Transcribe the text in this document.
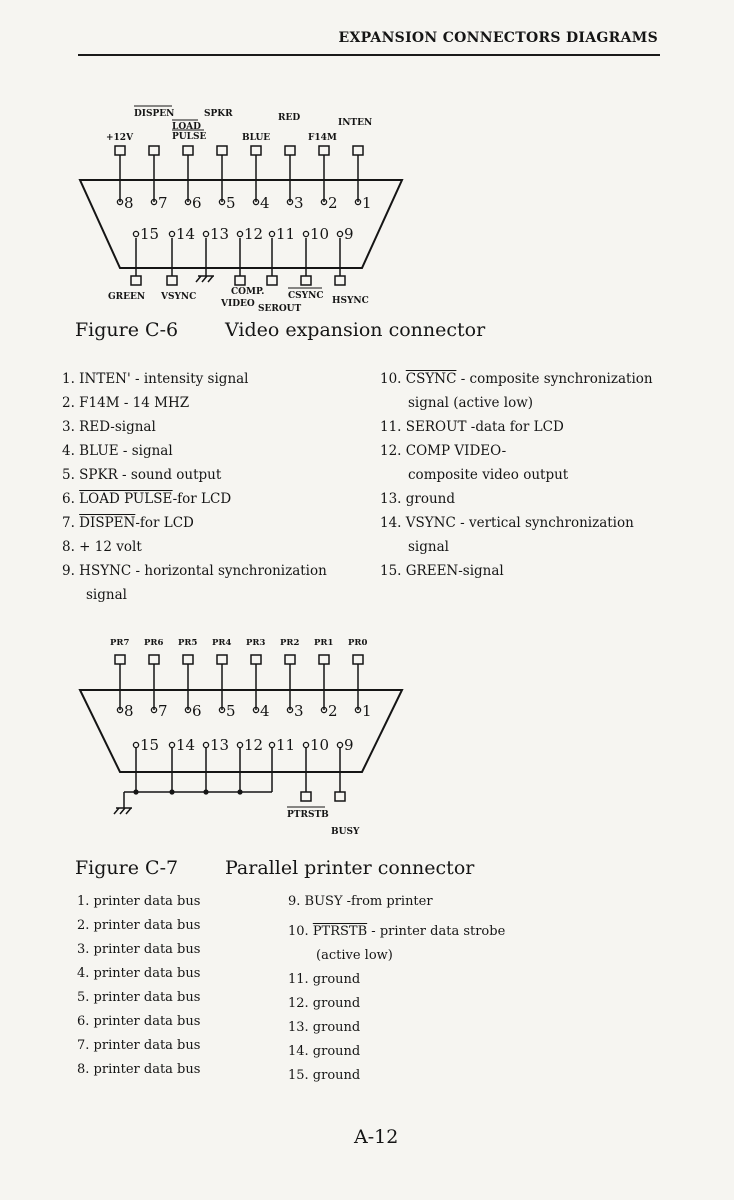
EXPANSION CONNECTORS DIAGRAMS
DISPEN	SPKR	RED	INTEN
LOAD
PULSE
+12V	BLUE	F14M
8 7 6 5 4 3 2 1
15 14 13 12 11 10 9
GREEN VSYNC	COMP.
VIDEO SEROUT
CSYNC HSYNC
Figure C-6 Video expansion connector
1. INTEN' - intensity signal
2. F14M - 14 MHZ
3. RED-signal
4. BLUE - signal
5. SPKR - sound output
6. LOAD PULSE-for LCD
7. DISPEN-for LCD
8. + 12 volt
9. HSYNC - horizontal synchronization
signal
10. CSYNC - composite synchronization
signal (active low)
11. SEROUT -data for LCD
12. COMP VIDEO-
composite video output
13. ground
14. VSYNC - vertical synchronization
signal
15. GREEN-signal
PR7 PR6 PR5 PR4 PR3 PR2 PR1 PR0
8 7 6 5 4 3 2 1
15 14 13 12 11 10 9
PTRSTB
BUSY
Figure C-7 Parallel printer connector
1. printer data bus
2. printer data bus
3. printer data bus
4. printer data bus
5. printer data bus
6. printer data bus
7. printer data bus
8. printer data bus
9. BUSY -from printer
10. PTRSTB - printer data strobe
(active low)
11. ground
12. ground
13. ground
14. ground
15. ground
A-12
